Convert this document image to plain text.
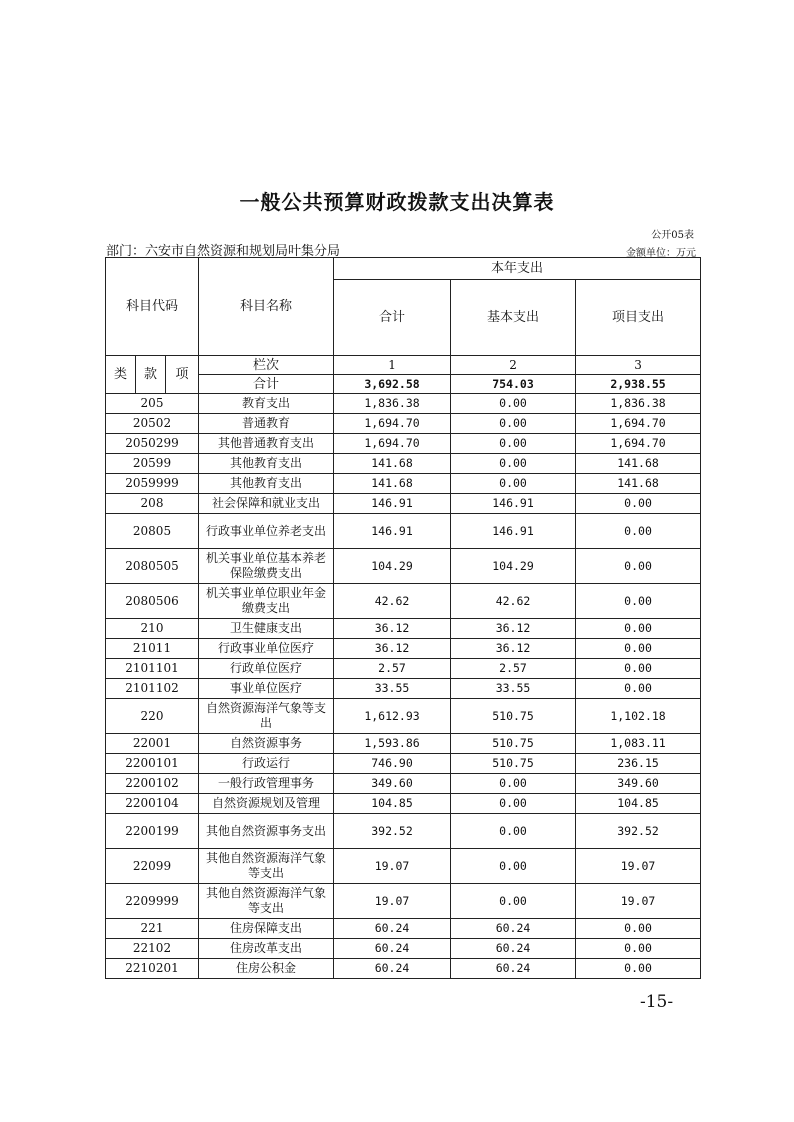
一般公共预算财政拨款支出决算表
公开05表
部门：六安市自然资源和规划局叶集分局	金额单位：万元
科目代码			科目名称	本年支出		
				合计	基本支出	项目支出
类	款	项	栏次	1	2	3
			合计	3,692.58	754.03	2,938.55
205			教育支出	1,836.38	0.00	1,836.38
20502			普通教育	1,694.70	0.00	1,694.70
2050299			其他普通教育支出	1,694.70	0.00	1,694.70
20599			其他教育支出	141.68	0.00	141.68
2059999			其他教育支出	141.68	0.00	141.68
208			社会保障和就业支出	146.91	146.91	0.00
20805			行政事业单位养老支出	146.91	146.91	0.00
2080505			机关事业单位基本养老保险缴费支出	104.29	104.29	0.00
2080506			机关事业单位职业年金缴费支出	42.62	42.62	0.00
210			卫生健康支出	36.12	36.12	0.00
21011			行政事业单位医疗	36.12	36.12	0.00
2101101			行政单位医疗	2.57	2.57	0.00
2101102			事业单位医疗	33.55	33.55	0.00
220			自然资源海洋气象等支出	1,612.93	510.75	1,102.18
22001			自然资源事务	1,593.86	510.75	1,083.11
2200101			行政运行	746.90	510.75	236.15
2200102			一般行政管理事务	349.60	0.00	349.60
2200104			自然资源规划及管理	104.85	0.00	104.85
2200199			其他自然资源事务支出	392.52	0.00	392.52
22099			其他自然资源海洋气象等支出	19.07	0.00	19.07
2209999			其他自然资源海洋气象等支出	19.07	0.00	19.07
221			住房保障支出	60.24	60.24	0.00
22102			住房改革支出	60.24	60.24	0.00
2210201			住房公积金	60.24	60.24	0.00
-15-
